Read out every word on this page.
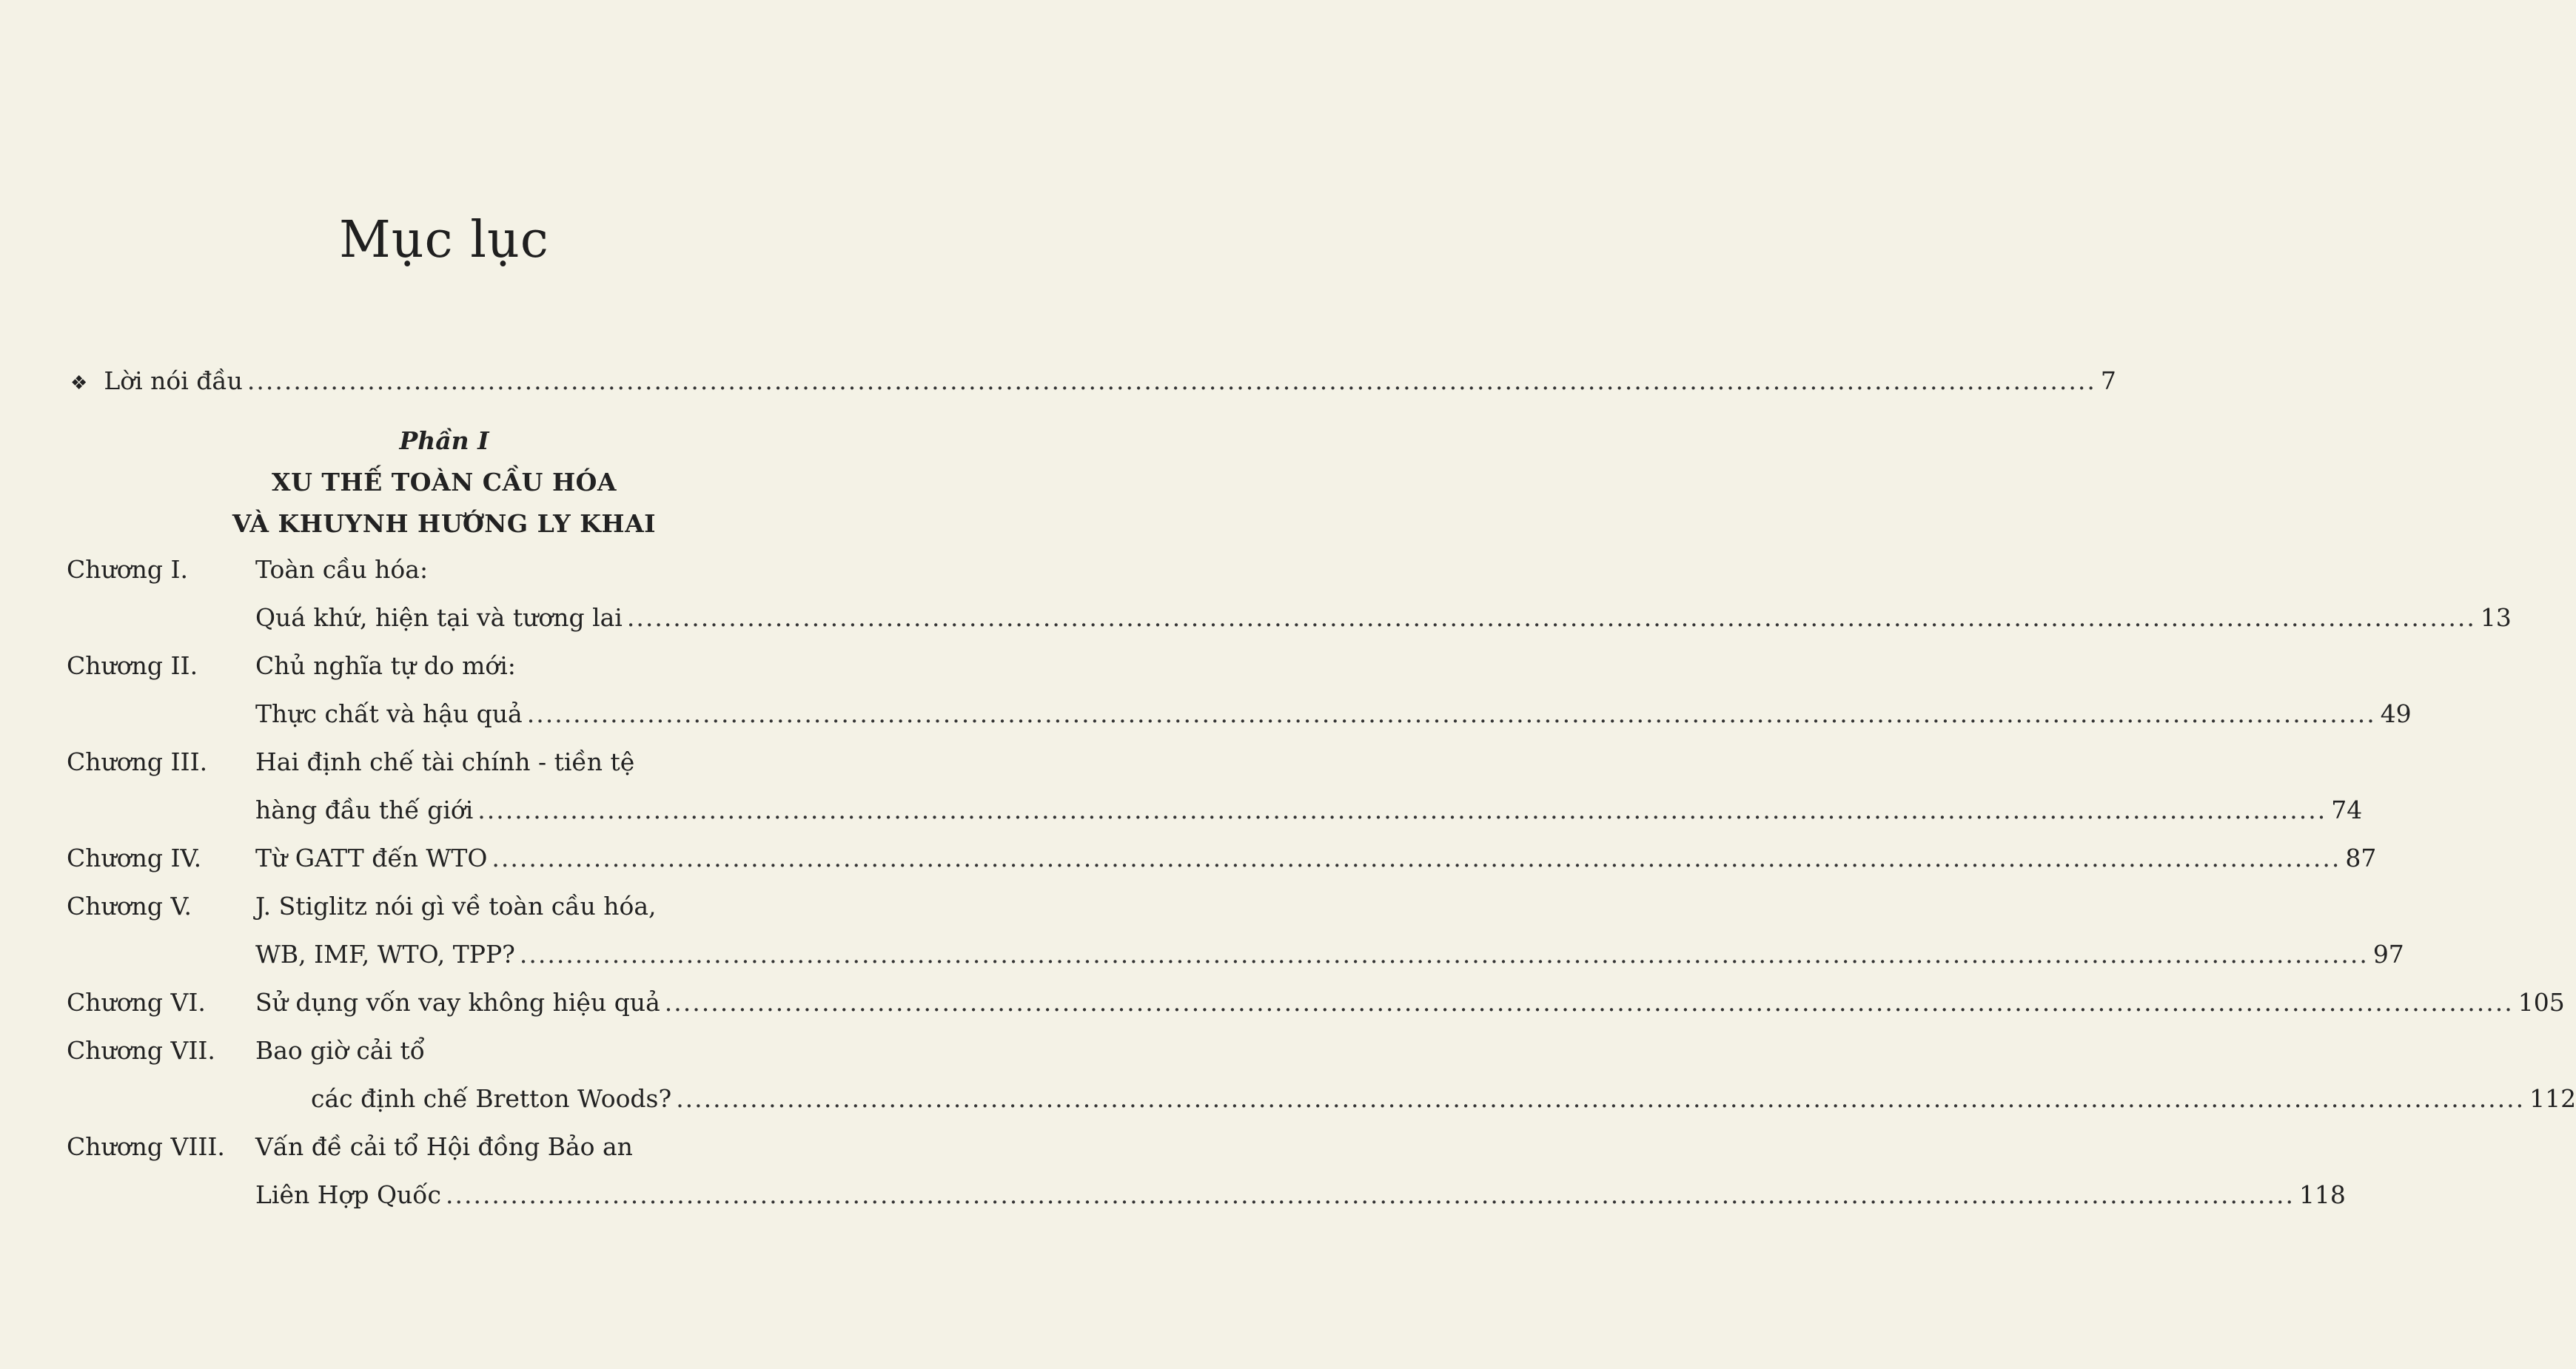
Mục lục
❖ Lời nói đầu .....	7
Phần I
XU THẾ TOÀN CẦU HÓA
VÀ KHUYNH HƯỚNG LY KHAI
Chương I.	Toàn cầu hóa:
Quá khứ, hiện tại và tương lai .....	13
Chương II. Chủ nghĩa tự do mới:
Thực chất và hậu quả .....	49
Chương III. Hai định chế tài chính - tiền tệ
hàng đầu thế giới .....	74
Chương IV. Từ GATT đến WTO .....	87
Chương V.	J. Stiglitz nói gì về toàn cầu hóa,
WB, IMF, WTO, TPP? .....	97
Chương VI. Sử dụng vốn vay không hiệu quả .....	105
Chương VII. Bao giờ cải tổ
các định chế Bretton Woods? .....	112
Chương VIII. Vấn đề cải tổ Hội đồng Bảo an
Liên Hợp Quốc .....	118
